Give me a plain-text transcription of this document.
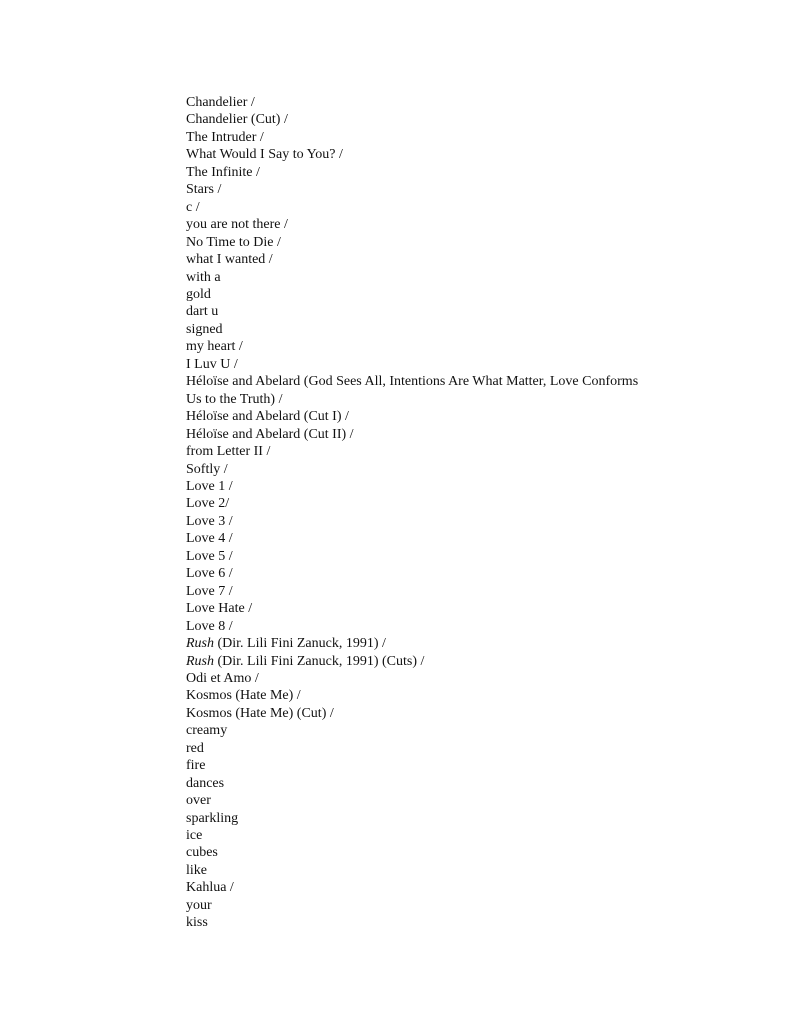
Chandelier /
Chandelier (Cut) /
The Intruder /
What Would I Say to You? /
The Infinite /
Stars /
c /
you are not there /
No Time to Die /
what I wanted /
with a
gold
dart u
signed
my heart /
I Luv U /
Héloïse and Abelard (God Sees All, Intentions Are What Matter, Love Conforms
Us to the Truth) /
Héloïse and Abelard (Cut I) /
Héloïse and Abelard (Cut II) /
from Letter II /
Softly /
Love 1 /
Love 2/
Love 3 /
Love 4 /
Love 5 /
Love 6 /
Love 7 /
Love Hate /
Love 8 /
Rush (Dir. Lili Fini Zanuck, 1991) /
Rush (Dir. Lili Fini Zanuck, 1991) (Cuts) /
Odi et Amo /
Kosmos (Hate Me) /
Kosmos (Hate Me) (Cut) /
creamy
red
fire
dances
over
sparkling
ice
cubes
like
Kahlua /
your
kiss
